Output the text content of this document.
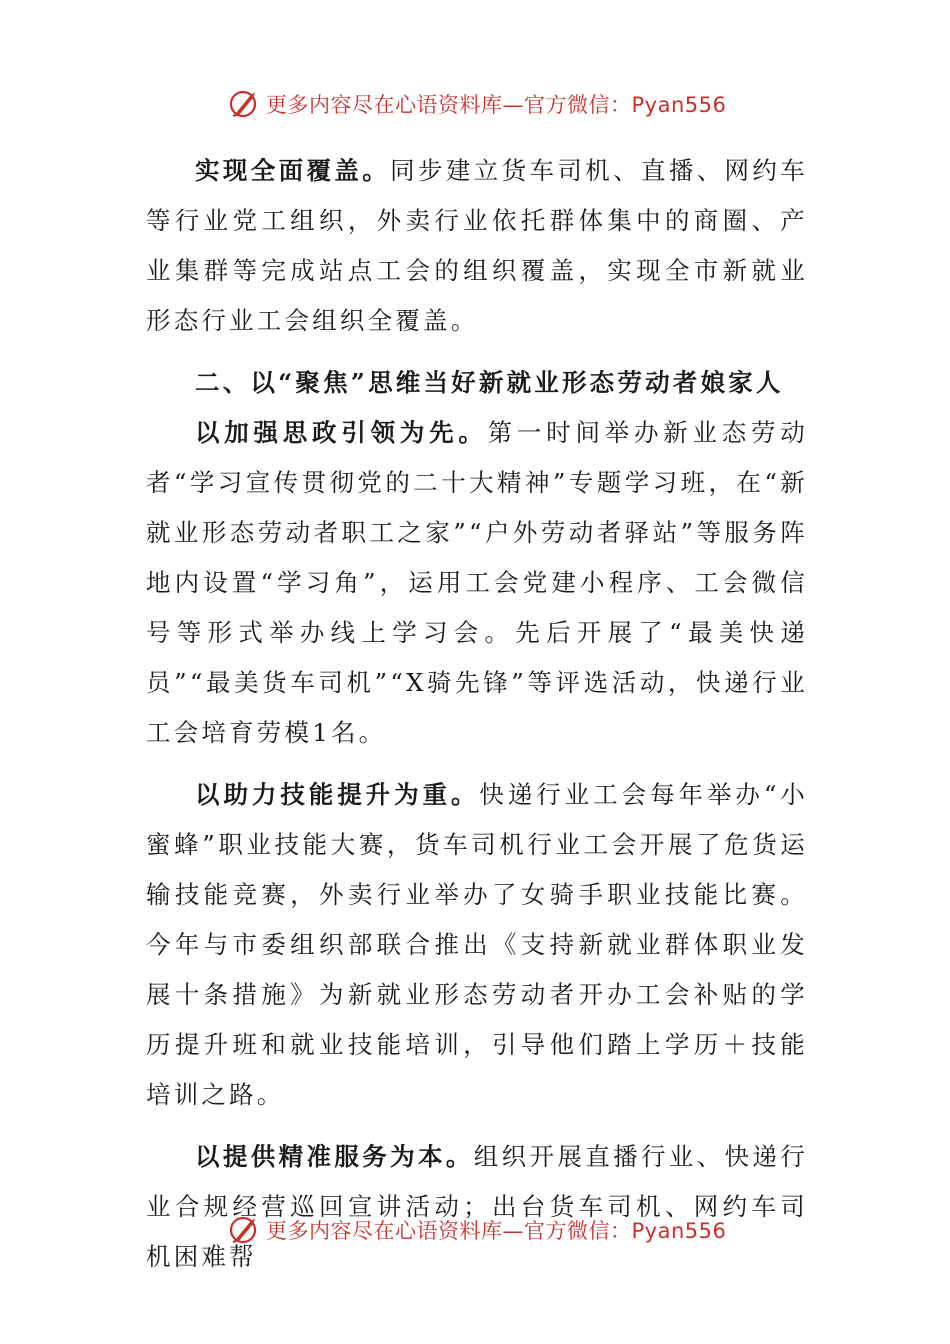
更多内容尽在心语资料库—官方微信：Pyan556

实现全面覆盖。同步建立货车司机、直播、网约车等行业党工组织，外卖行业依托群体集中的商圈、产业集群等完成站点工会的组织覆盖，实现全市新就业形态行业工会组织全覆盖。

二、以“聚焦”思维当好新就业形态劳动者娘家人

以加强思政引领为先。第一时间举办新业态劳动者“学习宣传贯彻党的二十大精神”专题学习班，在“新就业形态劳动者职工之家”“户外劳动者驿站”等服务阵地内设置“学习角”，运用工会党建小程序、工会微信号等形式举办线上学习会。先后开展了“最美快递员”“最美货车司机”“X骑先锋”等评选活动，快递行业工会培育劳模1名。

以助力技能提升为重。快递行业工会每年举办“小蜜蜂”职业技能大赛，货车司机行业工会开展了危货运输技能竞赛，外卖行业举办了女骑手职业技能比赛。今年与市委组织部联合推出《支持新就业群体职业发展十条措施》为新就业形态劳动者开办工会补贴的学历提升班和就业技能培训，引导他们踏上学历＋技能培训之路。

以提供精准服务为本。组织开展直播行业、快递行业合规经营巡回宣讲活动；出台货车司机、网约车司机困难帮

更多内容尽在心语资料库—官方微信：Pyan556
